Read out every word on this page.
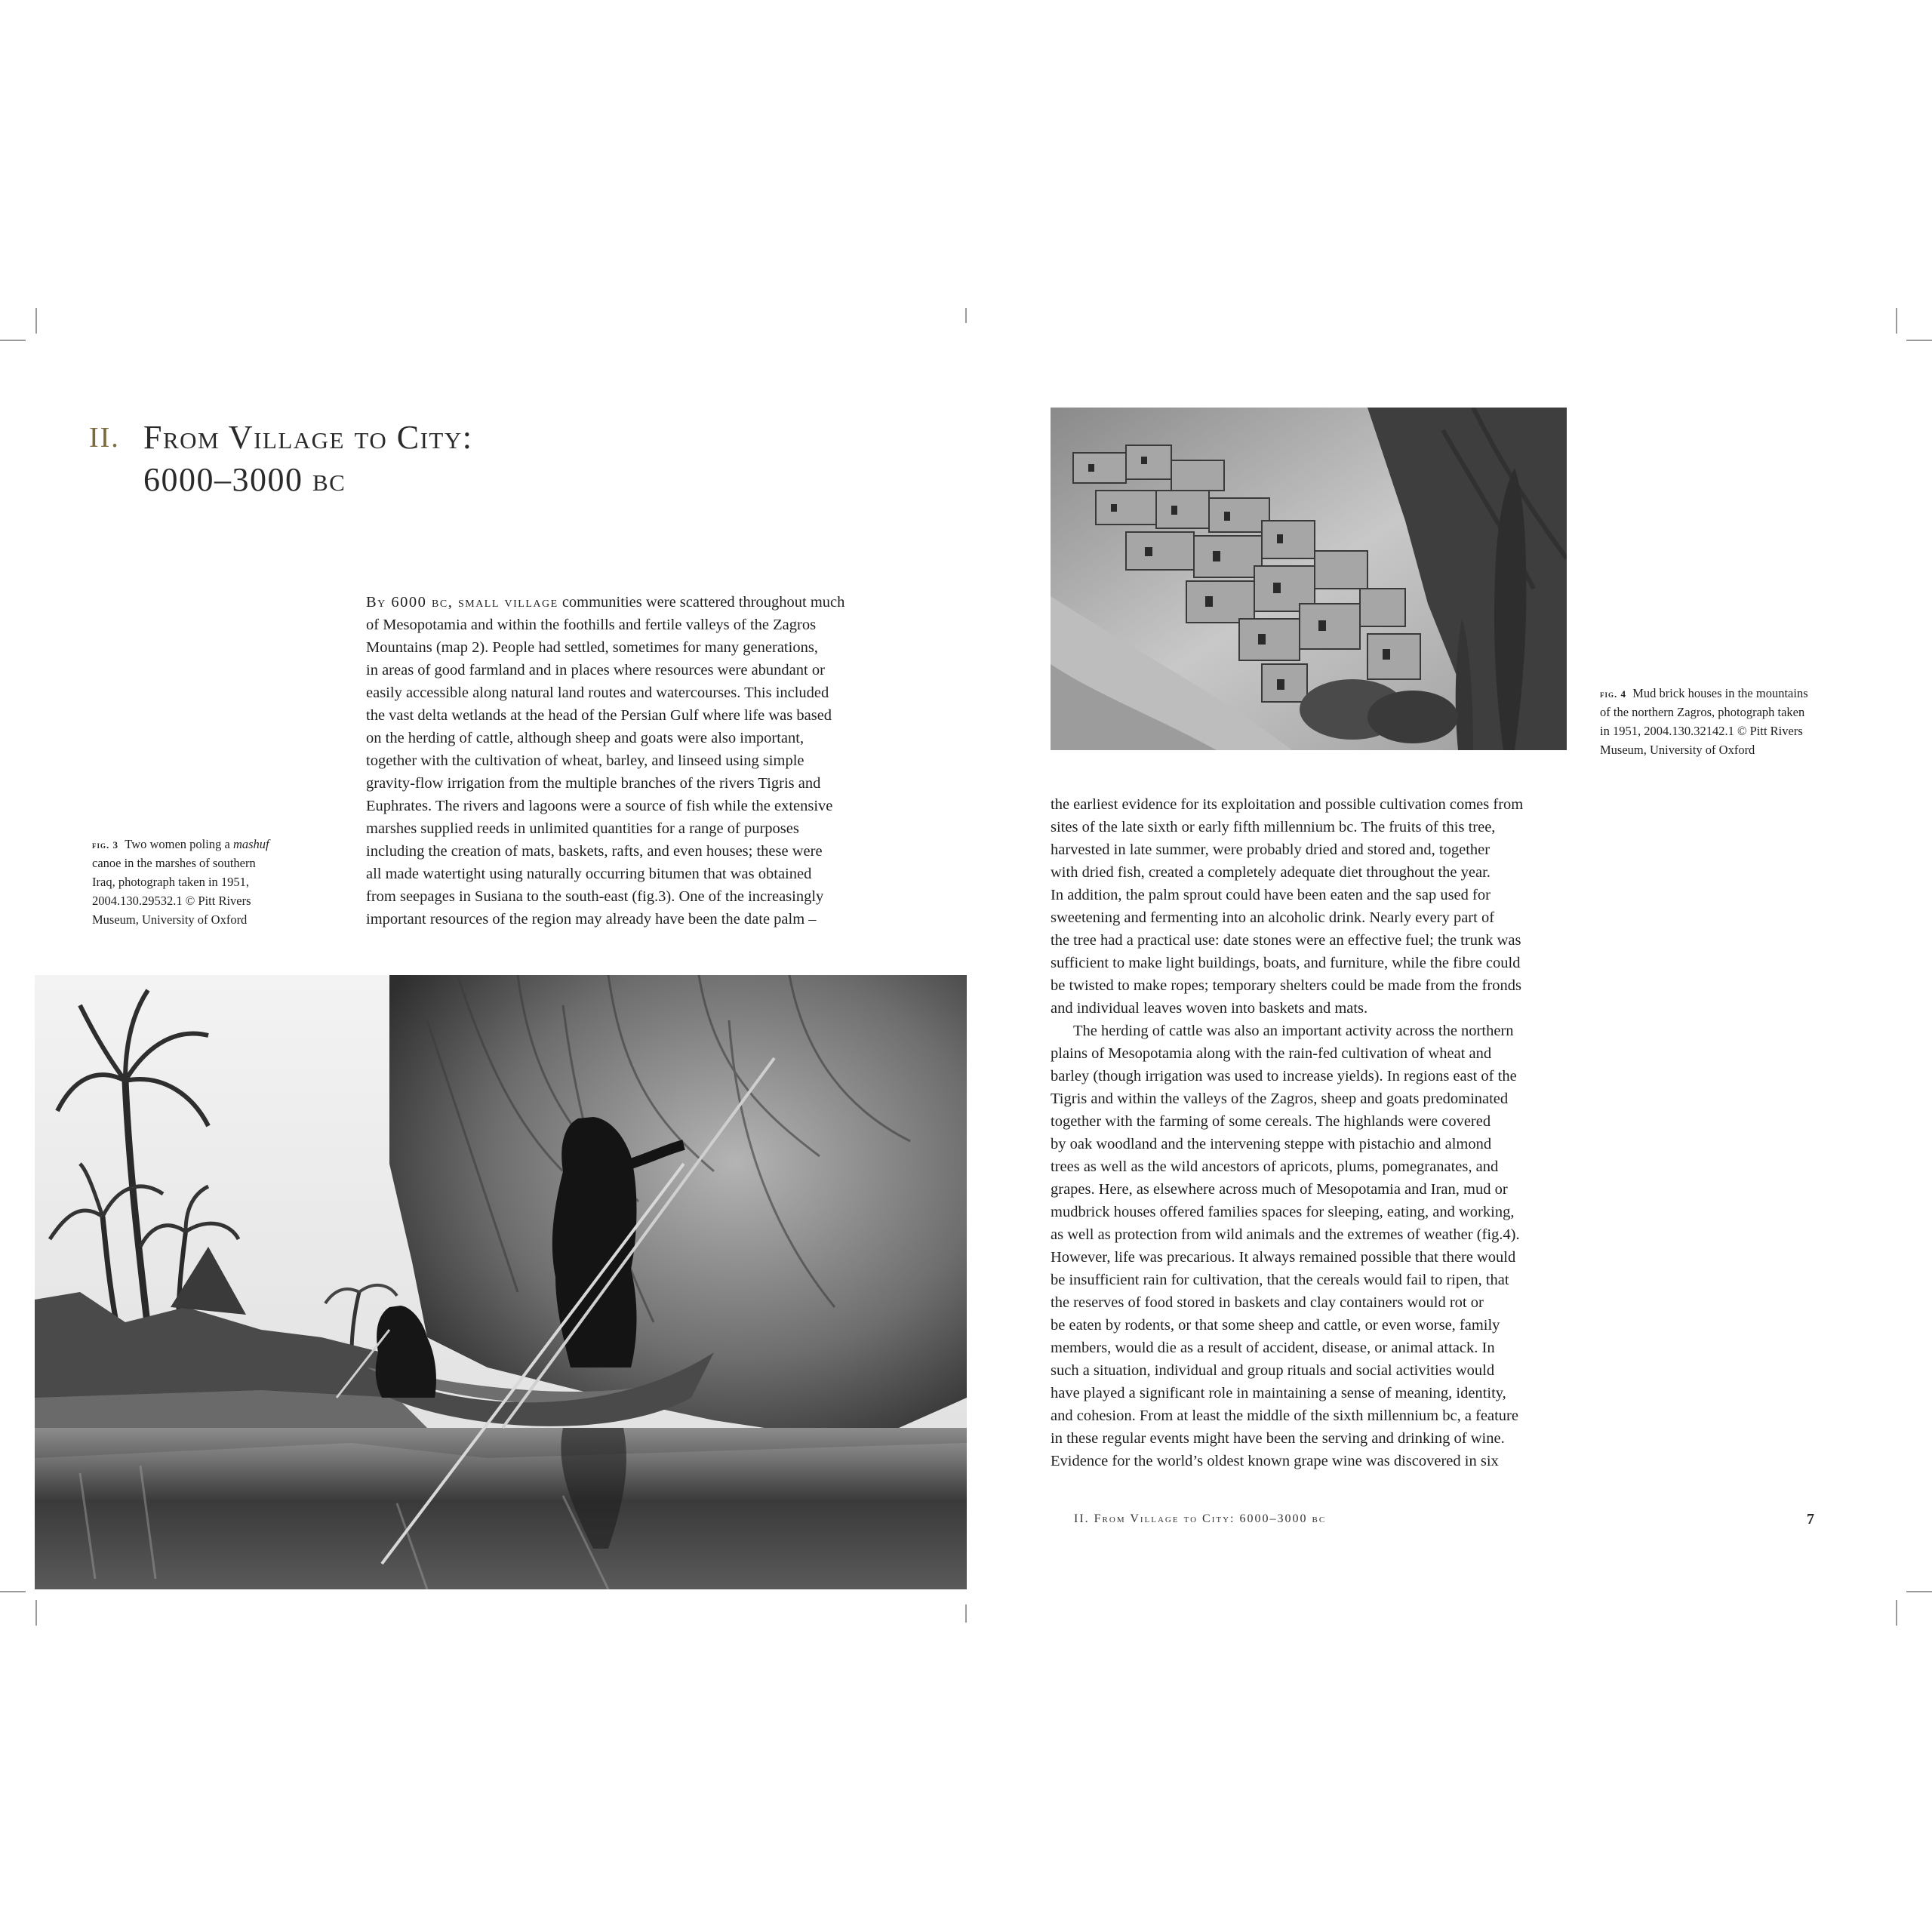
II. From Village to City:
6000–3000 bc
By 6000 bc, small village communities were scattered throughout much
of Mesopotamia and within the foothills and fertile valleys of the Zagros
Mountains (map 2). People had settled, sometimes for many generations,
in areas of good farmland and in places where resources were abundant or
easily accessible along natural land routes and watercourses. This included
the vast delta wetlands at the head of the Persian Gulf where life was based
on the herding of cattle, although sheep and goats were also important,
together with the cultivation of wheat, barley, and linseed using simple
gravity-flow irrigation from the multiple branches of the rivers Tigris and
Euphrates. The rivers and lagoons were a source of fish while the extensive
marshes supplied reeds in unlimited quantities for a range of purposes
including the creation of mats, baskets, rafts, and even houses; these were
all made watertight using naturally occurring bitumen that was obtained
from seepages in Susiana to the south-east (fig.3). One of the increasingly
important resources of the region may already have been the date palm –
fig. 3 Two women poling a mashuf
canoe in the marshes of southern
Iraq, photograph taken in 1951,
2004.130.29532.1 © Pitt Rivers
Museum, University of Oxford
fig. 4 Mud brick houses in the mountains
of the northern Zagros, photograph taken
in 1951, 2004.130.32142.1 © Pitt Rivers
Museum, University of Oxford
the earliest evidence for its exploitation and possible cultivation comes from
sites of the late sixth or early fifth millennium bc. The fruits of this tree,
harvested in late summer, were probably dried and stored and, together
with dried fish, created a completely adequate diet throughout the year.
In addition, the palm sprout could have been eaten and the sap used for
sweetening and fermenting into an alcoholic drink. Nearly every part of
the tree had a practical use: date stones were an effective fuel; the trunk was
sufficient to make light buildings, boats, and furniture, while the fibre could
be twisted to make ropes; temporary shelters could be made from the fronds
and individual leaves woven into baskets and mats.
The herding of cattle was also an important activity across the northern
plains of Mesopotamia along with the rain-fed cultivation of wheat and
barley (though irrigation was used to increase yields). In regions east of the
Tigris and within the valleys of the Zagros, sheep and goats predominated
together with the farming of some cereals. The highlands were covered
by oak woodland and the intervening steppe with pistachio and almond
trees as well as the wild ancestors of apricots, plums, pomegranates, and
grapes. Here, as elsewhere across much of Mesopotamia and Iran, mud or
mudbrick houses offered families spaces for sleeping, eating, and working,
as well as protection from wild animals and the extremes of weather (fig.4).
However, life was precarious. It always remained possible that there would
be insufficient rain for cultivation, that the cereals would fail to ripen, that
the reserves of food stored in baskets and clay containers would rot or
be eaten by rodents, or that some sheep and cattle, or even worse, family
members, would die as a result of accident, disease, or animal attack. In
such a situation, individual and group rituals and social activities would
have played a significant role in maintaining a sense of meaning, identity,
and cohesion. From at least the middle of the sixth millennium bc, a feature
in these regular events might have been the serving and drinking of wine.
Evidence for the world’s oldest known grape wine was discovered in six
II. From Village to City: 6000–3000 bc	7
